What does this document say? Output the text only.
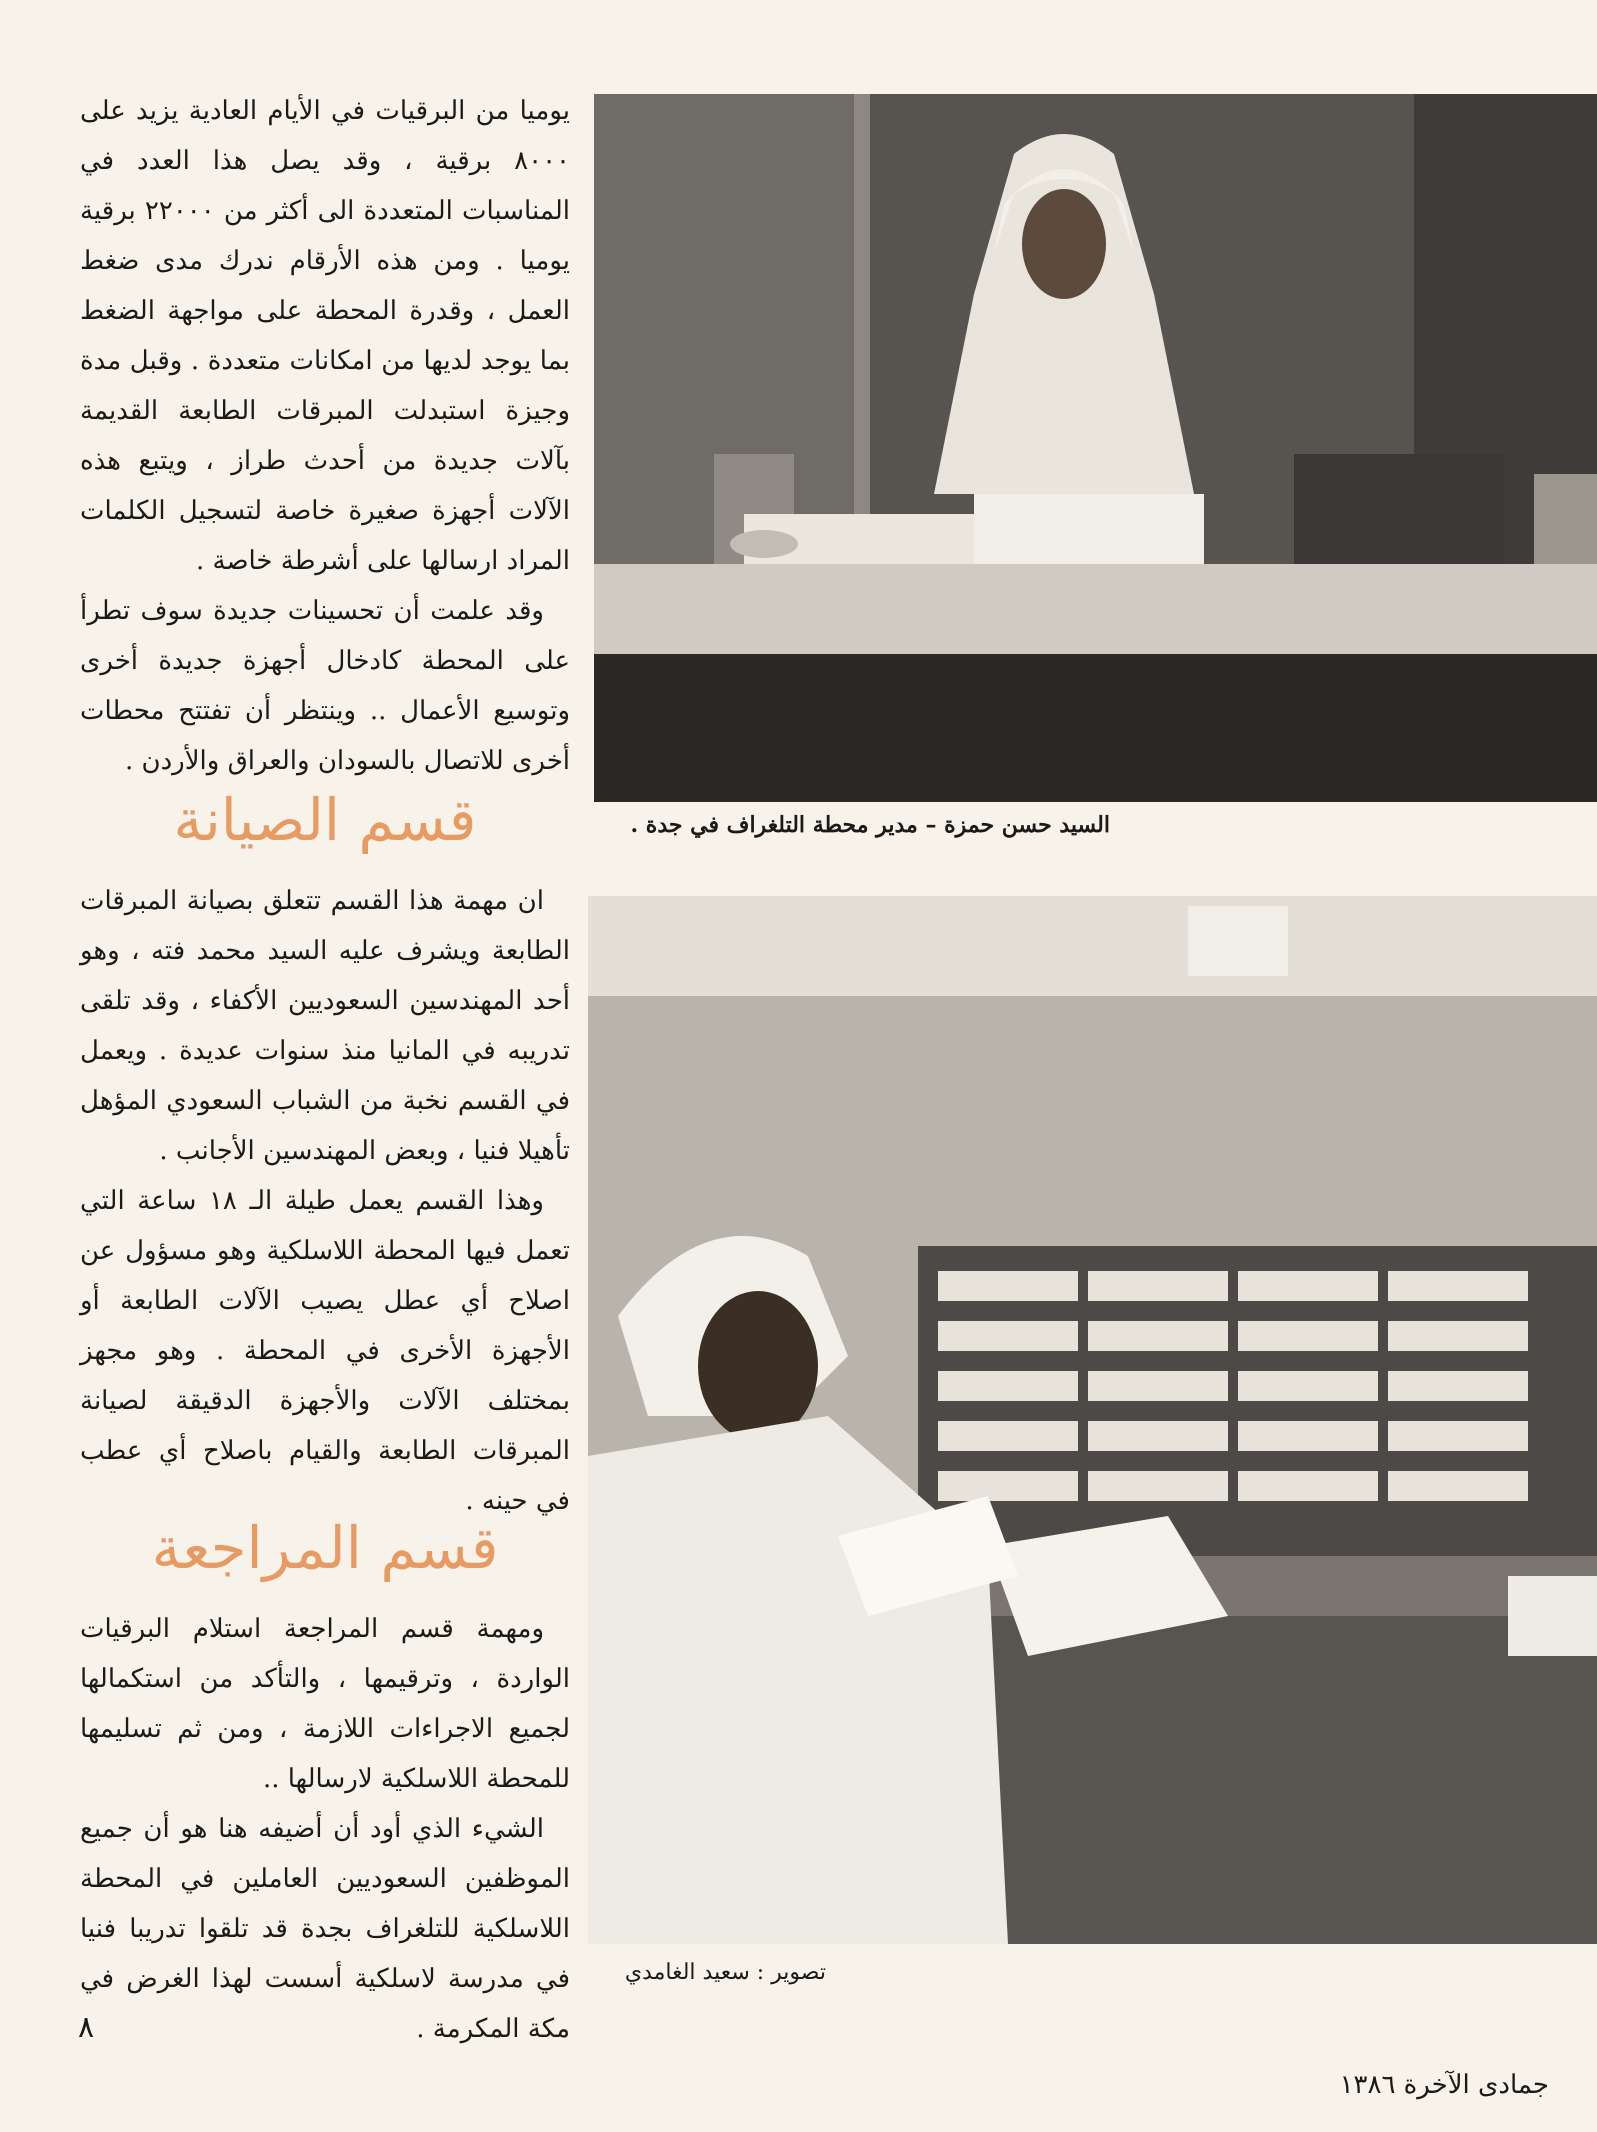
يوميا من البرقيات في الأيام العادية يزيد على ٨٠٠٠ برقية ، وقد يصل هذا العدد في المناسبات المتعددة الى أكثر من ٢٢٠٠٠ برقية يوميا . ومن هذه الأرقام ندرك مدى ضغط العمل ، وقدرة المحطة على مواجهة الضغط بما يوجد لديها من امكانات متعددة . وقبل مدة وجيزة استبدلت المبرقات الطابعة القديمة بآلات جديدة من أحدث طراز ، ويتبع هذه الآلات أجهزة صغيرة خاصة لتسجيل الكلمات المراد ارسالها على أشرطة خاصة .

وقد علمت أن تحسينات جديدة سوف تطرأ على المحطة كادخال أجهزة جديدة أخرى وتوسيع الأعمال .. وينتظر أن تفتتح محطات أخرى للاتصال بالسودان والعراق والأردن .

قسم الصيانة

ان مهمة هذا القسم تتعلق بصيانة المبرقات الطابعة ويشرف عليه السيد محمد فته ، وهو أحد المهندسين السعوديين الأكفاء ، وقد تلقى تدريبه في المانيا منذ سنوات عديدة . ويعمل في القسم نخبة من الشباب السعودي المؤهل تأهيلا فنيا ، وبعض المهندسين الأجانب .

وهذا القسم يعمل طيلة الـ ١٨ ساعة التي تعمل فيها المحطة اللاسلكية وهو مسؤول عن اصلاح أي عطل يصيب الآلات الطابعة أو الأجهزة الأخرى في المحطة . وهو مجهز بمختلف الآلات والأجهزة الدقيقة لصيانة المبرقات الطابعة والقيام باصلاح أي عطب في حينه .

قسم المراجعة

ومهمة قسم المراجعة استلام البرقيات الواردة ، وترقيمها ، والتأكد من استكمالها لجميع الاجراءات اللازمة ، ومن ثم تسليمها للمحطة اللاسلكية لارسالها ..

الشيء الذي أود أن أضيفه هنا هو أن جميع الموظفين السعوديين العاملين في المحطة اللاسلكية للتلغراف بجدة قد تلقوا تدريبا فنيا في مدرسة لاسلكية أسست لهذا الغرض في مكة المكرمة .

السيد حسن حمزة – مدير محطة التلغراف في جدة .
تصوير : سعيد الغامدي
٨
جمادى الآخرة ١٣٨٦
